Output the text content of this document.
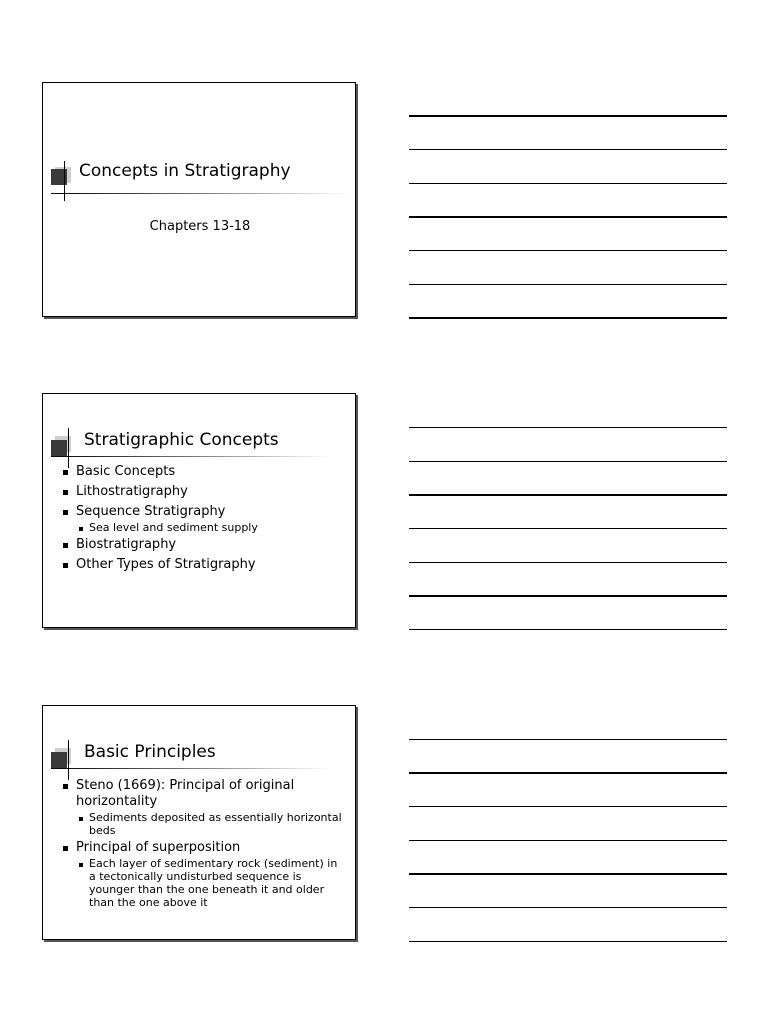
Concepts in Stratigraphy
Chapters 13-18
Stratigraphic Concepts
Basic Concepts
Lithostratigraphy
Sequence Stratigraphy
Sea level and sediment supply
Biostratigraphy
Other Types of Stratigraphy
Basic Principles
Steno (1669): Principal of original horizontality
Sediments deposited as essentially horizontal beds
Principal of superposition
Each layer of sedimentary rock (sediment) in a tectonically undisturbed sequence is younger than the one beneath it and older than the one above it
